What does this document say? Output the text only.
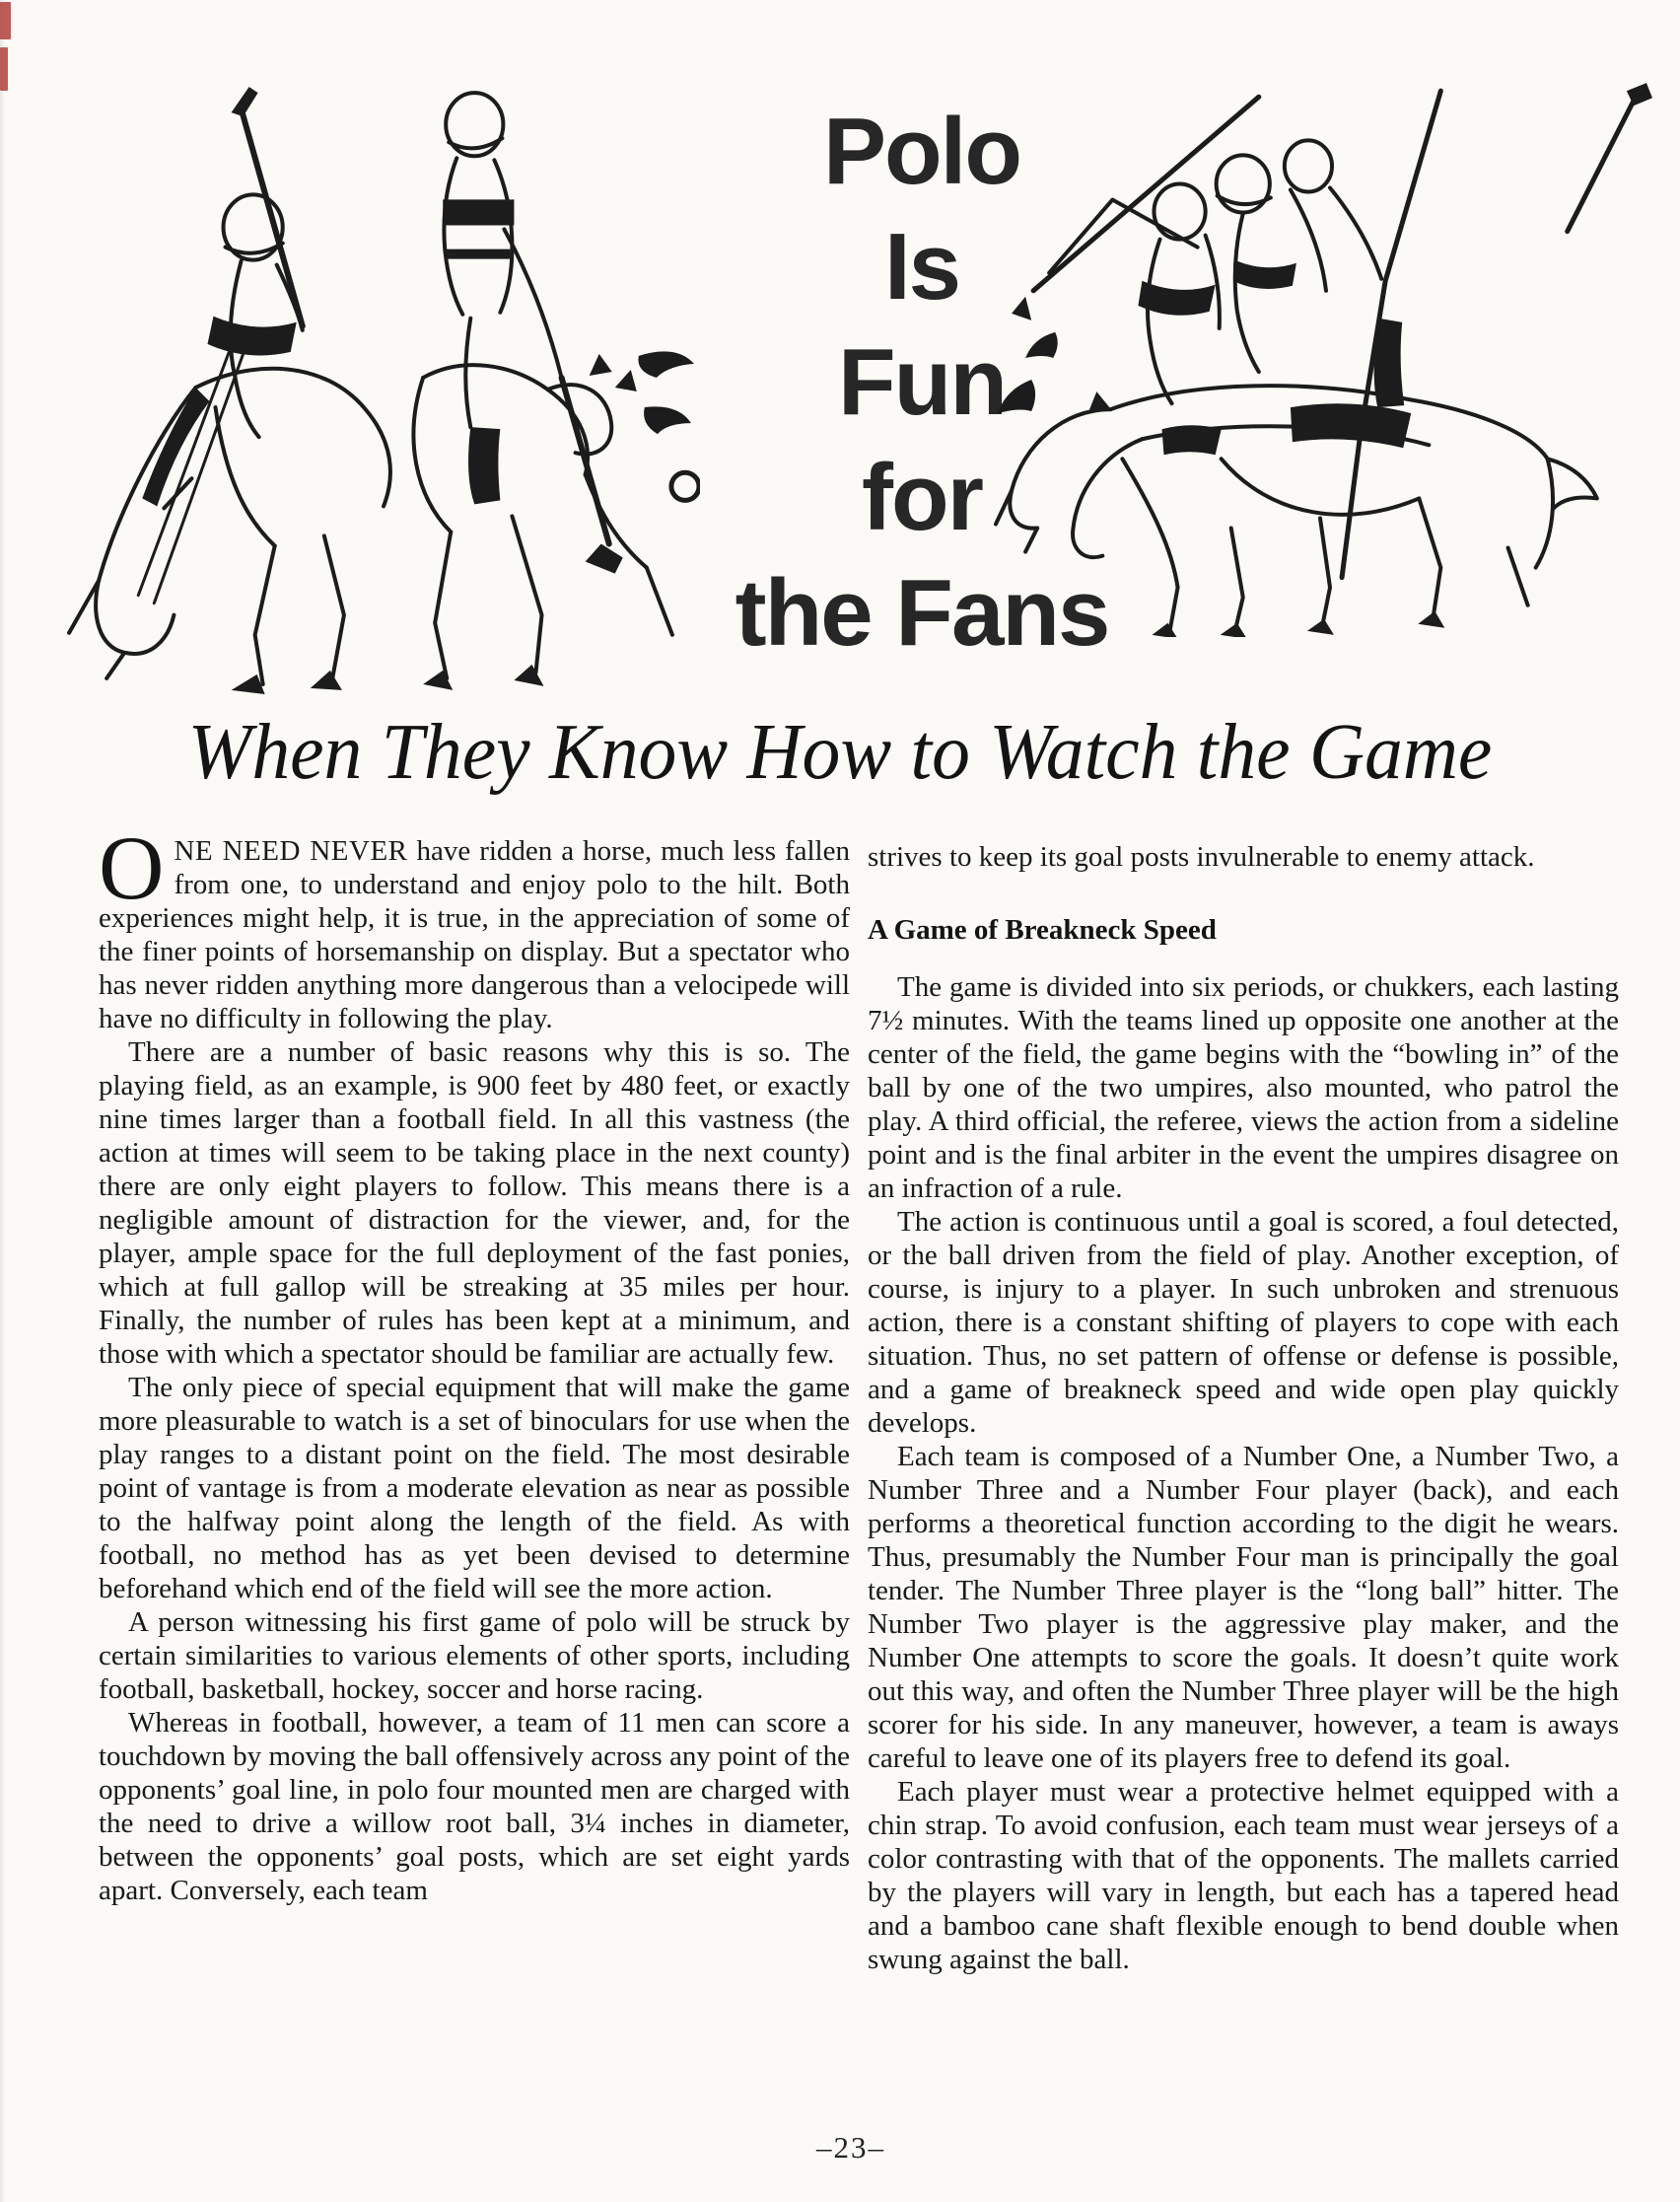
Polo
Is
Fun
for
the Fans
When They Know How to Watch the Game

ONE NEED NEVER have ridden a horse, much less fallen from one, to understand and enjoy polo to the hilt. Both experiences might help, it is true, in the appreciation of some of the finer points of horsemanship on display. But a spectator who has never ridden anything more dangerous than a velocipede will have no difficulty in following the play.

There are a number of basic reasons why this is so. The playing field, as an example, is 900 feet by 480 feet, or exactly nine times larger than a football field. In all this vastness (the action at times will seem to be taking place in the next county) there are only eight players to follow. This means there is a negligible amount of distraction for the viewer, and, for the player, ample space for the full deployment of the fast ponies, which at full gallop will be streaking at 35 miles per hour. Finally, the number of rules has been kept at a minimum, and those with which a spectator should be familiar are actually few.

The only piece of special equipment that will make the game more pleasurable to watch is a set of binoculars for use when the play ranges to a distant point on the field. The most desirable point of vantage is from a moderate elevation as near as possible to the halfway point along the length of the field. As with football, no method has as yet been devised to determine beforehand which end of the field will see the more action.

A person witnessing his first game of polo will be struck by certain similarities to various elements of other sports, including football, basketball, hockey, soccer and horse racing.

Whereas in football, however, a team of 11 men can score a touchdown by moving the ball offensively across any point of the opponents’ goal line, in polo four mounted men are charged with the need to drive a willow root ball, 3¼ inches in diameter, between the opponents’ goal posts, which are set eight yards apart. Conversely, each team

strives to keep its goal posts invulnerable to enemy attack.

A Game of Breakneck Speed

The game is divided into six periods, or chukkers, each lasting 7½ minutes. With the teams lined up opposite one another at the center of the field, the game begins with the “bowling in” of the ball by one of the two umpires, also mounted, who patrol the play. A third official, the referee, views the action from a sideline point and is the final arbiter in the event the umpires disagree on an infraction of a rule.

The action is continuous until a goal is scored, a foul detected, or the ball driven from the field of play. Another exception, of course, is injury to a player. In such unbroken and strenuous action, there is a constant shifting of players to cope with each situation. Thus, no set pattern of offense or defense is possible, and a game of breakneck speed and wide open play quickly develops.

Each team is composed of a Number One, a Number Two, a Number Three and a Number Four player (back), and each performs a theoretical function according to the digit he wears. Thus, presumably the Number Four man is principally the goal tender. The Number Three player is the “long ball” hitter. The Number Two player is the aggressive play maker, and the Number One attempts to score the goals. It doesn’t quite work out this way, and often the Number Three player will be the high scorer for his side. In any maneuver, however, a team is aways careful to leave one of its players free to defend its goal.

Each player must wear a protective helmet equipped with a chin strap. To avoid confusion, each team must wear jerseys of a color contrasting with that of the opponents. The mallets carried by the players will vary in length, but each has a tapered head and a bamboo cane shaft flexible enough to bend double when swung against the ball.

–23–
